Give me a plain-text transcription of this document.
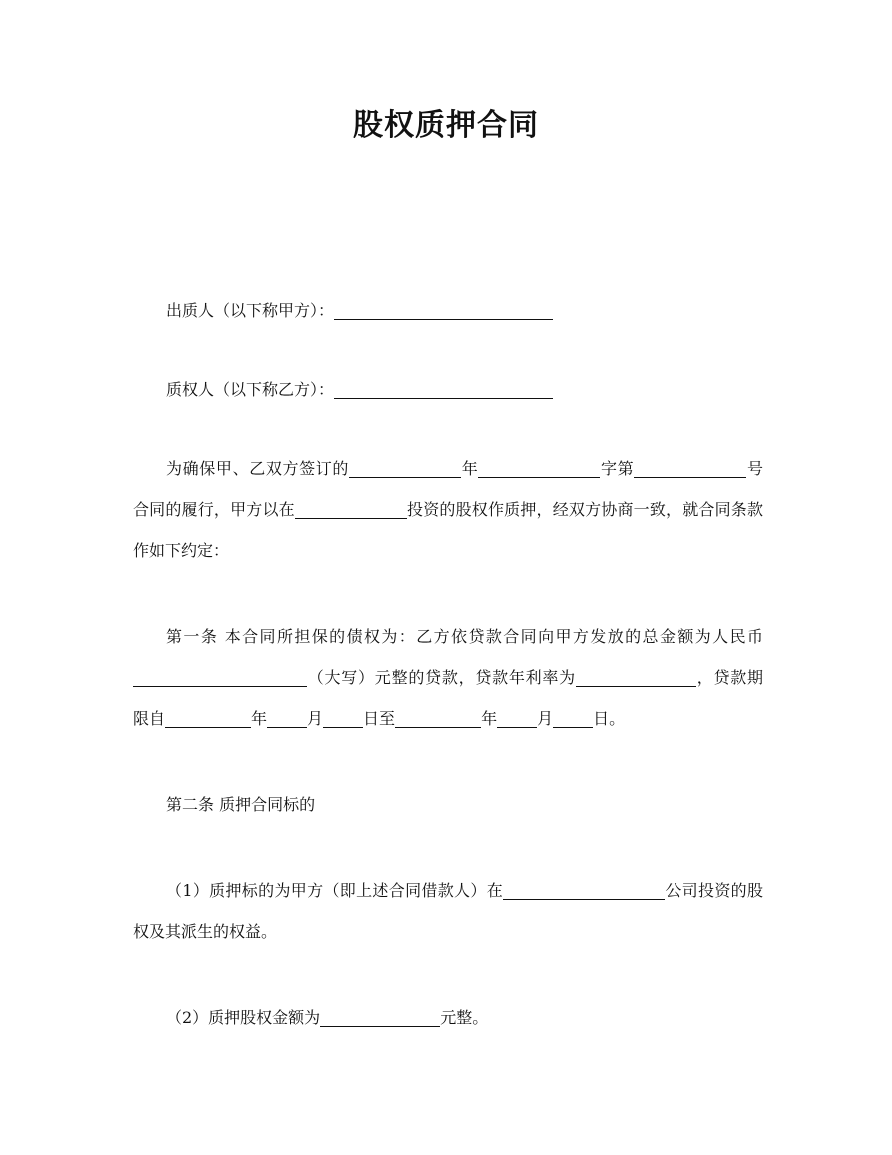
股权质押合同

出质人（以下称甲方）：

质权人（以下称乙方）：

为确保甲、乙双方签订的	年	字第	号合同的履行，甲方以在	投资的股权作质押，经双方协商一致，就合同条款作如下约定：

第一条 本合同所担保的债权为：乙方依贷款合同向甲方发放的总金额为人民币（大写）元整的贷款，贷款年利率为	，贷款期限自	年	月	日至	年	月	日。

第二条 质押合同标的

（1）质押标的为甲方（即上述合同借款人）在	公司投资的股权及其派生的权益。

（2）质押股权金额为	元整。
